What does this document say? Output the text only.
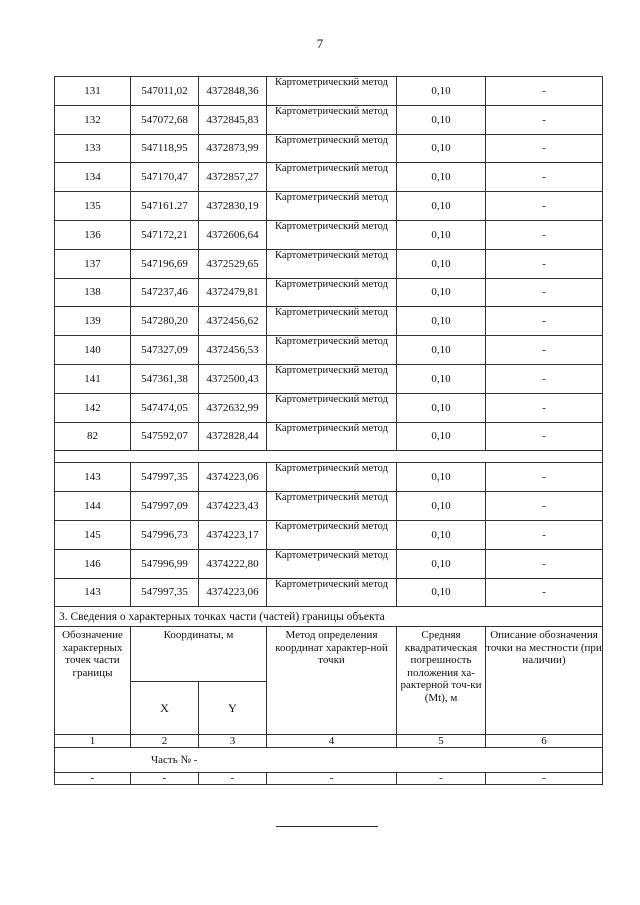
7
131	547011,02	4372848,36	Картометрический метод	0,10	-
132	547072,68	4372845,83	Картометрический метод	0,10	-
133	547118,95	4372873,99	Картометрический метод	0,10	-
134	547170,47	4372857,27	Картометрический метод	0,10	-
135	547161.27	4372830,19	Картометрический метод	0,10	-
136	547172,21	4372606,64	Картометрический метод	0,10	-
137	547196,69	4372529,65	Картометрический метод	0,10	-
138	547237,46	4372479,81	Картометрический метод	0,10	-
139	547280,20	4372456,62	Картометрический метод	0,10	-
140	547327,09	4372456,53	Картометрический метод	0,10	-
141	547361,38	4372500,43	Картометрический метод	0,10	-
142	547474,05	4372632,99	Картометрический метод	0,10	-
82	547592,07	4372828,44	Картометрический метод	0,10	-

143	547997,35	4374223,06	Картометрический метод	0,10	-
144	547997,09	4374223,43	Картометрический метод	0,10	-
145	547996,73	4374223,17	Картометрический метод	0,10	-
146	547996,99	4374222,80	Картометрический метод	0,10	-
143	547997,35	4374223,06	Картометрический метод	0,10	-
3. Сведения о характерных точках части (частей) границы объекта					
Обозначение характерных точек части границы	Координаты, м		Метод определения координат характер-ной точки	Средняя квадратическая погрешность положения ха-рактерной точ-ки (Mt), м	Описание обозначения точки на местности (при наличии)
	X	Y			
1	2	3	4	5	6
Часть № -					
-	-	-	-	-	-
